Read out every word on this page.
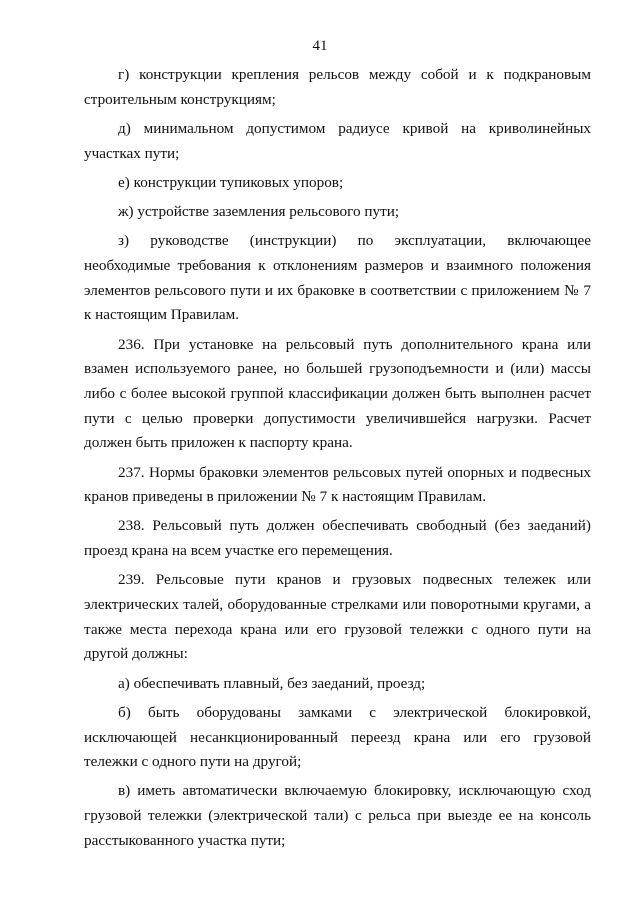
41

г) конструкции крепления рельсов между собой и к подкрановым строительным конструкциям;

д) минимальном допустимом радиусе кривой на криволинейных участках пути;

е) конструкции тупиковых упоров;

ж) устройстве заземления рельсового пути;

з) руководстве (инструкции) по эксплуатации, включающее необходимые требования к отклонениям размеров и взаимного положения элементов рельсового пути и их браковке в соответствии с приложением № 7 к настоящим Правилам.

236. При установке на рельсовый путь дополнительного крана или взамен используемого ранее, но большей грузоподъемности и (или) массы либо с более высокой группой классификации должен быть выполнен расчет пути с целью проверки допустимости увеличившейся нагрузки. Расчет должен быть приложен к паспорту крана.

237. Нормы браковки элементов рельсовых путей опорных и подвесных кранов приведены в приложении № 7 к настоящим Правилам.

238. Рельсовый путь должен обеспечивать свободный (без заеданий) проезд крана на всем участке его перемещения.

239. Рельсовые пути кранов и грузовых подвесных тележек или электрических талей, оборудованные стрелками или поворотными кругами, а также места перехода крана или его грузовой тележки с одного пути на другой должны:

а) обеспечивать плавный, без заеданий, проезд;

б) быть оборудованы замками с электрической блокировкой, исключающей несанкционированный переезд крана или его грузовой тележки с одного пути на другой;

в) иметь автоматически включаемую блокировку, исключающую сход грузовой тележки (электрической тали) с рельса при выезде ее на консоль расстыкованного участка пути;
